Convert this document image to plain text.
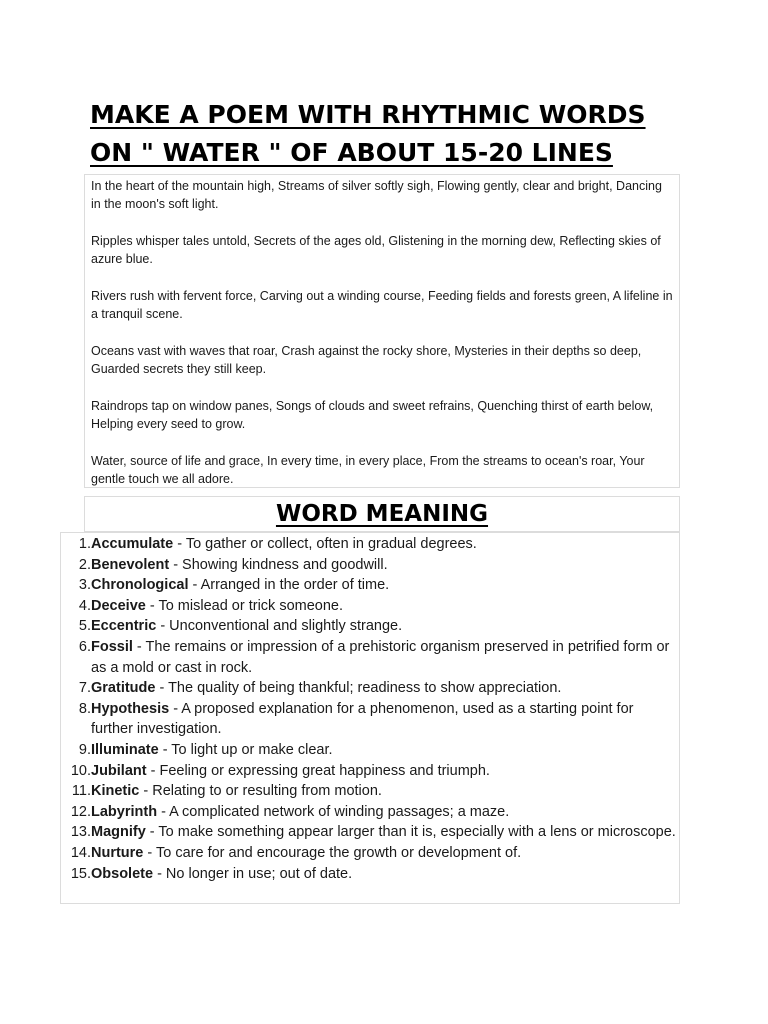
MAKE A POEM WITH RHYTHMIC WORDS ON " WATER " OF ABOUT 15-20 LINES

In the heart of the mountain high, Streams of silver softly sigh, Flowing gently, clear and bright, Dancing in the moon's soft light.

Ripples whisper tales untold, Secrets of the ages old, Glistening in the morning dew, Reflecting skies of azure blue.

Rivers rush with fervent force, Carving out a winding course, Feeding fields and forests green, A lifeline in a tranquil scene.

Oceans vast with waves that roar, Crash against the rocky shore, Mysteries in their depths so deep, Guarded secrets they still keep.

Raindrops tap on window panes, Songs of clouds and sweet refrains, Quenching thirst of earth below, Helping every seed to grow.

Water, source of life and grace, In every time, in every place, From the streams to ocean's roar, Your gentle touch we all adore.

WORD MEANING
1. Accumulate - To gather or collect, often in gradual degrees.
2. Benevolent - Showing kindness and goodwill.
3. Chronological - Arranged in the order of time.
4. Deceive - To mislead or trick someone.
5. Eccentric - Unconventional and slightly strange.
6. Fossil - The remains or impression of a prehistoric organism preserved in petrified form or as a mold or cast in rock.
7. Gratitude - The quality of being thankful; readiness to show appreciation.
8. Hypothesis - A proposed explanation for a phenomenon, used as a starting point for further investigation.
9. Illuminate - To light up or make clear.
10. Jubilant - Feeling or expressing great happiness and triumph.
11. Kinetic - Relating to or resulting from motion.
12. Labyrinth - A complicated network of winding passages; a maze.
13. Magnify - To make something appear larger than it is, especially with a lens or microscope.
14. Nurture - To care for and encourage the growth or development of.
15. Obsolete - No longer in use; out of date.
